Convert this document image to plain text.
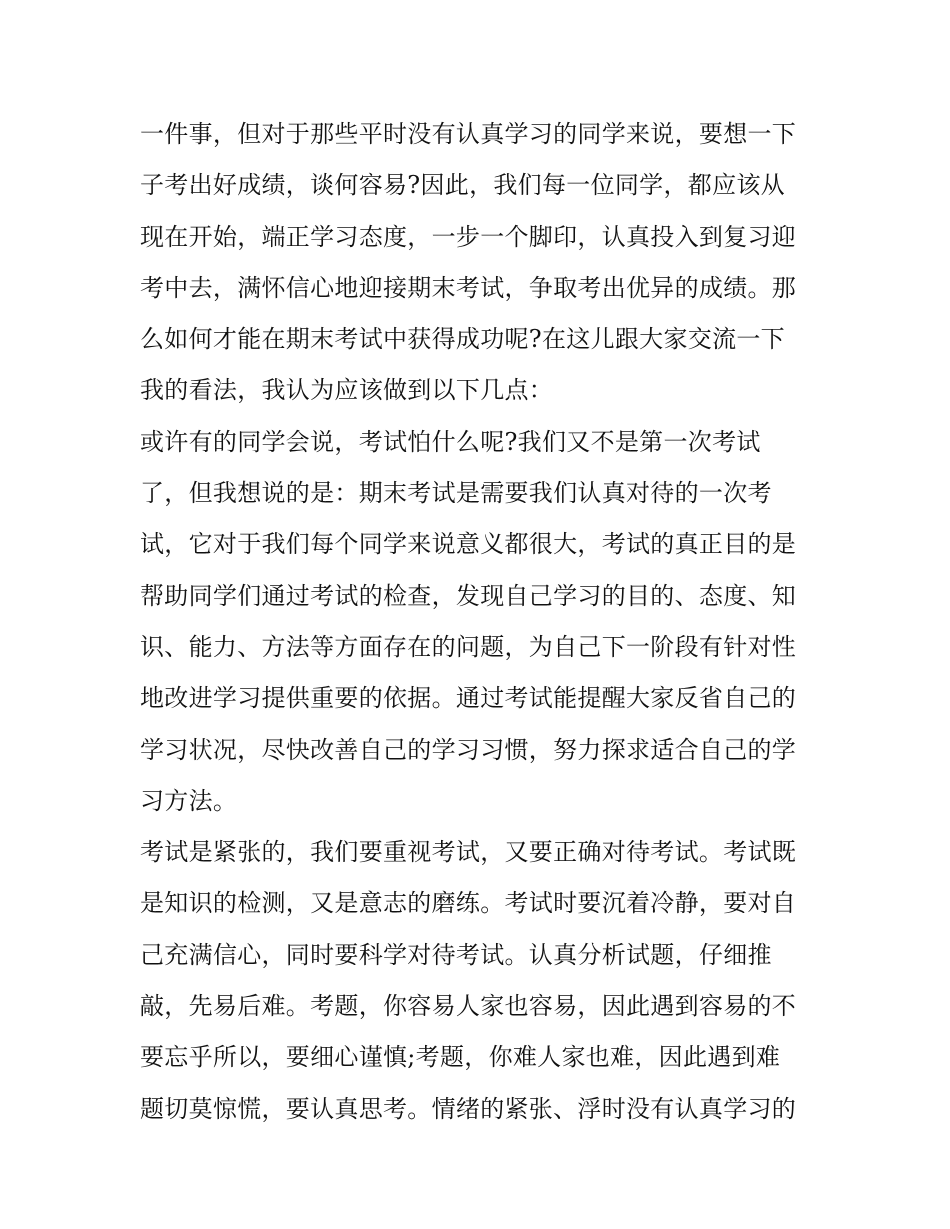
一件事，但对于那些平时没有认真学习的同学来说，要想一下
子考出好成绩，谈何容易?因此，我们每一位同学，都应该从
现在开始，端正学习态度，一步一个脚印，认真投入到复习迎
考中去，满怀信心地迎接期末考试，争取考出优异的成绩。那
么如何才能在期末考试中获得成功呢?在这儿跟大家交流一下
我的看法，我认为应该做到以下几点：
或许有的同学会说，考试怕什么呢?我们又不是第一次考试
了，但我想说的是：期末考试是需要我们认真对待的一次考
试，它对于我们每个同学来说意义都很大，考试的真正目的是
帮助同学们通过考试的检查，发现自己学习的目的、态度、知
识、能力、方法等方面存在的问题，为自己下一阶段有针对性
地改进学习提供重要的依据。通过考试能提醒大家反省自己的
学习状况，尽快改善自己的学习习惯，努力探求适合自己的学
习方法。
考试是紧张的，我们要重视考试，又要正确对待考试。考试既
是知识的检测，又是意志的磨练。考试时要沉着冷静，要对自
己充满信心，同时要科学对待考试。认真分析试题，仔细推
敲，先易后难。考题，你容易人家也容易，因此遇到容易的不
要忘乎所以，要细心谨慎;考题，你难人家也难，因此遇到难
题切莫惊慌，要认真思考。情绪的紧张、浮时没有认真学习的
